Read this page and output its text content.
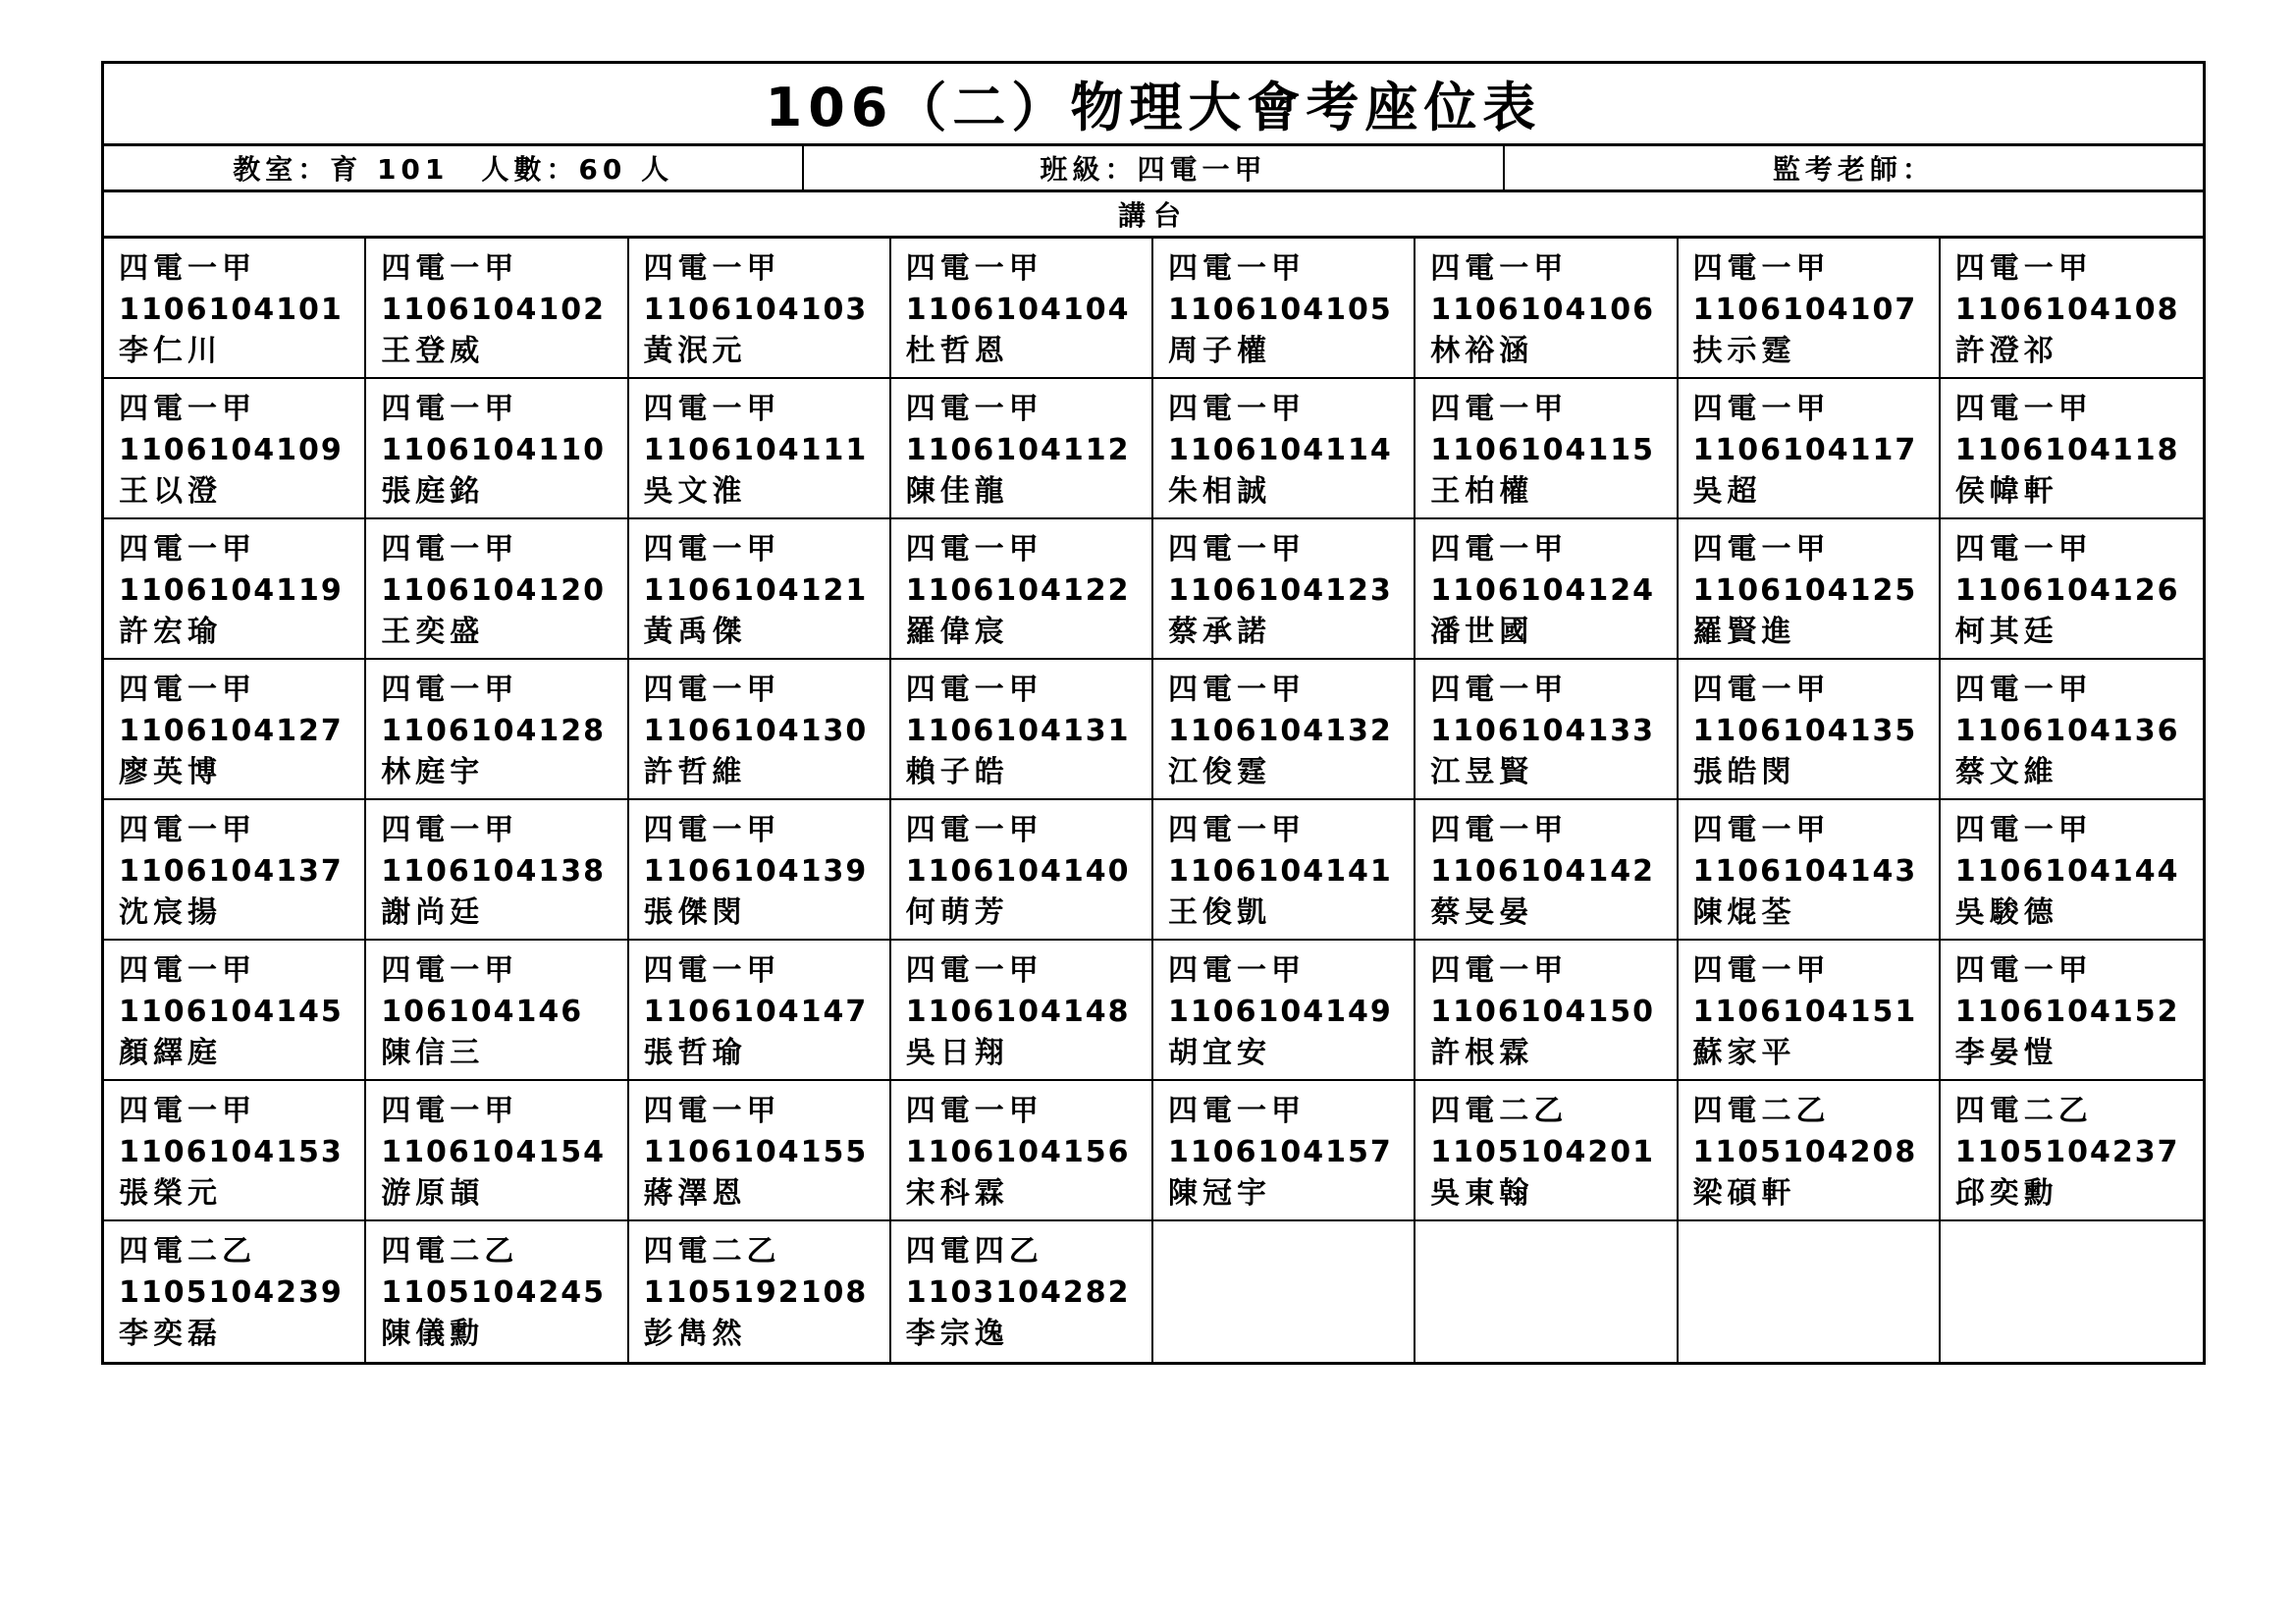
106（二）物理大會考座位表
教室：育 101　人數：60 人	班級：四電一甲	監考老師：
講台
四電一甲
1106104101
李仁川
四電一甲
1106104102
王登威
四電一甲
1106104103
黃泯元
四電一甲
1106104104
杜哲恩
四電一甲
1106104105
周子權
四電一甲
1106104106
林裕涵
四電一甲
1106104107
扶示霆
四電一甲
1106104108
許澄祁
四電一甲
1106104109
王以澄
四電一甲
1106104110
張庭銘
四電一甲
1106104111
吳文淮
四電一甲
1106104112
陳佳龍
四電一甲
1106104114
朱相誠
四電一甲
1106104115
王柏權
四電一甲
1106104117
吳超
四電一甲
1106104118
侯幃軒
四電一甲
1106104119
許宏瑜
四電一甲
1106104120
王奕盛
四電一甲
1106104121
黃禹傑
四電一甲
1106104122
羅偉宸
四電一甲
1106104123
蔡承諾
四電一甲
1106104124
潘世國
四電一甲
1106104125
羅賢進
四電一甲
1106104126
柯其廷
四電一甲
1106104127
廖英博
四電一甲
1106104128
林庭宇
四電一甲
1106104130
許哲維
四電一甲
1106104131
賴子皓
四電一甲
1106104132
江俊霆
四電一甲
1106104133
江昱賢
四電一甲
1106104135
張皓閔
四電一甲
1106104136
蔡文維
四電一甲
1106104137
沈宸揚
四電一甲
1106104138
謝尚廷
四電一甲
1106104139
張傑閔
四電一甲
1106104140
何萌芳
四電一甲
1106104141
王俊凱
四電一甲
1106104142
蔡旻晏
四電一甲
1106104143
陳焜荃
四電一甲
1106104144
吳駿德
四電一甲
1106104145
顏繹庭
四電一甲
106104146
陳信三
四電一甲
1106104147
張哲瑜
四電一甲
1106104148
吳日翔
四電一甲
1106104149
胡宜安
四電一甲
1106104150
許根霖
四電一甲
1106104151
蘇家平
四電一甲
1106104152
李晏愷
四電一甲
1106104153
張榮元
四電一甲
1106104154
游原頡
四電一甲
1106104155
蔣澤恩
四電一甲
1106104156
宋科霖
四電一甲
1106104157
陳冠宇
四電二乙
1105104201
吳東翰
四電二乙
1105104208
梁碩軒
四電二乙
1105104237
邱奕勳
四電二乙
1105104239
李奕磊
四電二乙
1105104245
陳儀勳
四電二乙
1105192108
彭雋然
四電四乙
1103104282
李宗逸
